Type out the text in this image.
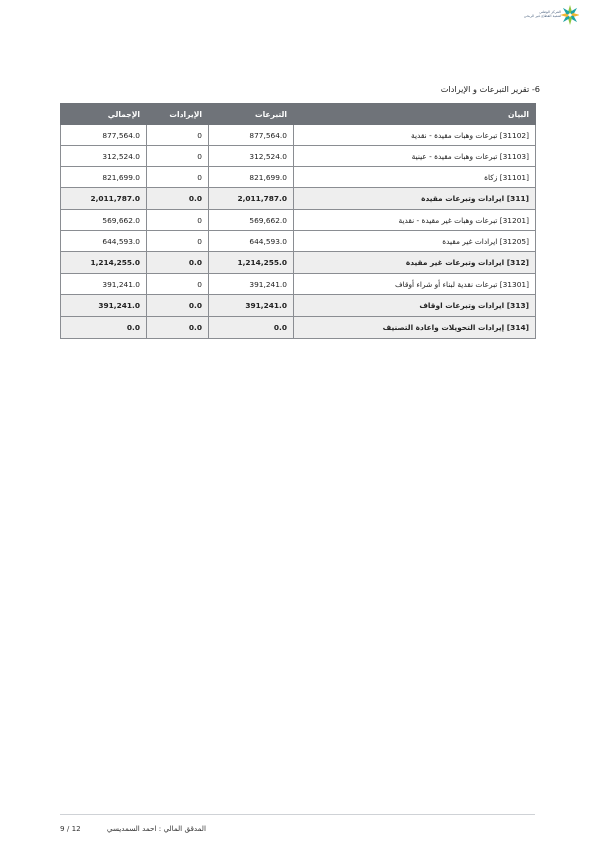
المركز الوطني
لتنمية القطاع غير الربحي
6- تقرير التبرعات و الإيرادات
الإجمالي	الإيرادات	التبرعات	البيان
877,564.0	0	877,564.0	[31102] تبرعات وهبات مقيدة - نقدية
312,524.0	0	312,524.0	[31103] تبرعات وهبات مقيدة - عينية
821,699.0	0	821,699.0	[31101] زكاة
2,011,787.0	0.0	2,011,787.0	[311] ايرادات وتبرعات مقيدة
569,662.0	0	569,662.0	[31201] تبرعات وهبات غير مقيدة - نقدية
644,593.0	0	644,593.0	[31205] ايرادات غير مقيدة
1,214,255.0	0.0	1,214,255.0	[312] ايرادات وتبرعات غير مقيدة
391,241.0	0	391,241.0	[31301] تبرعات نقدية لبناء أو شراء أوقاف
391,241.0	0.0	391,241.0	[313] ايرادات وتبرعات اوقاف
0.0	0.0	0.0	[314] إيرادات التحويلات واعادة التصنيف
9 / 12	المدقق المالي : احمد السمديسي
